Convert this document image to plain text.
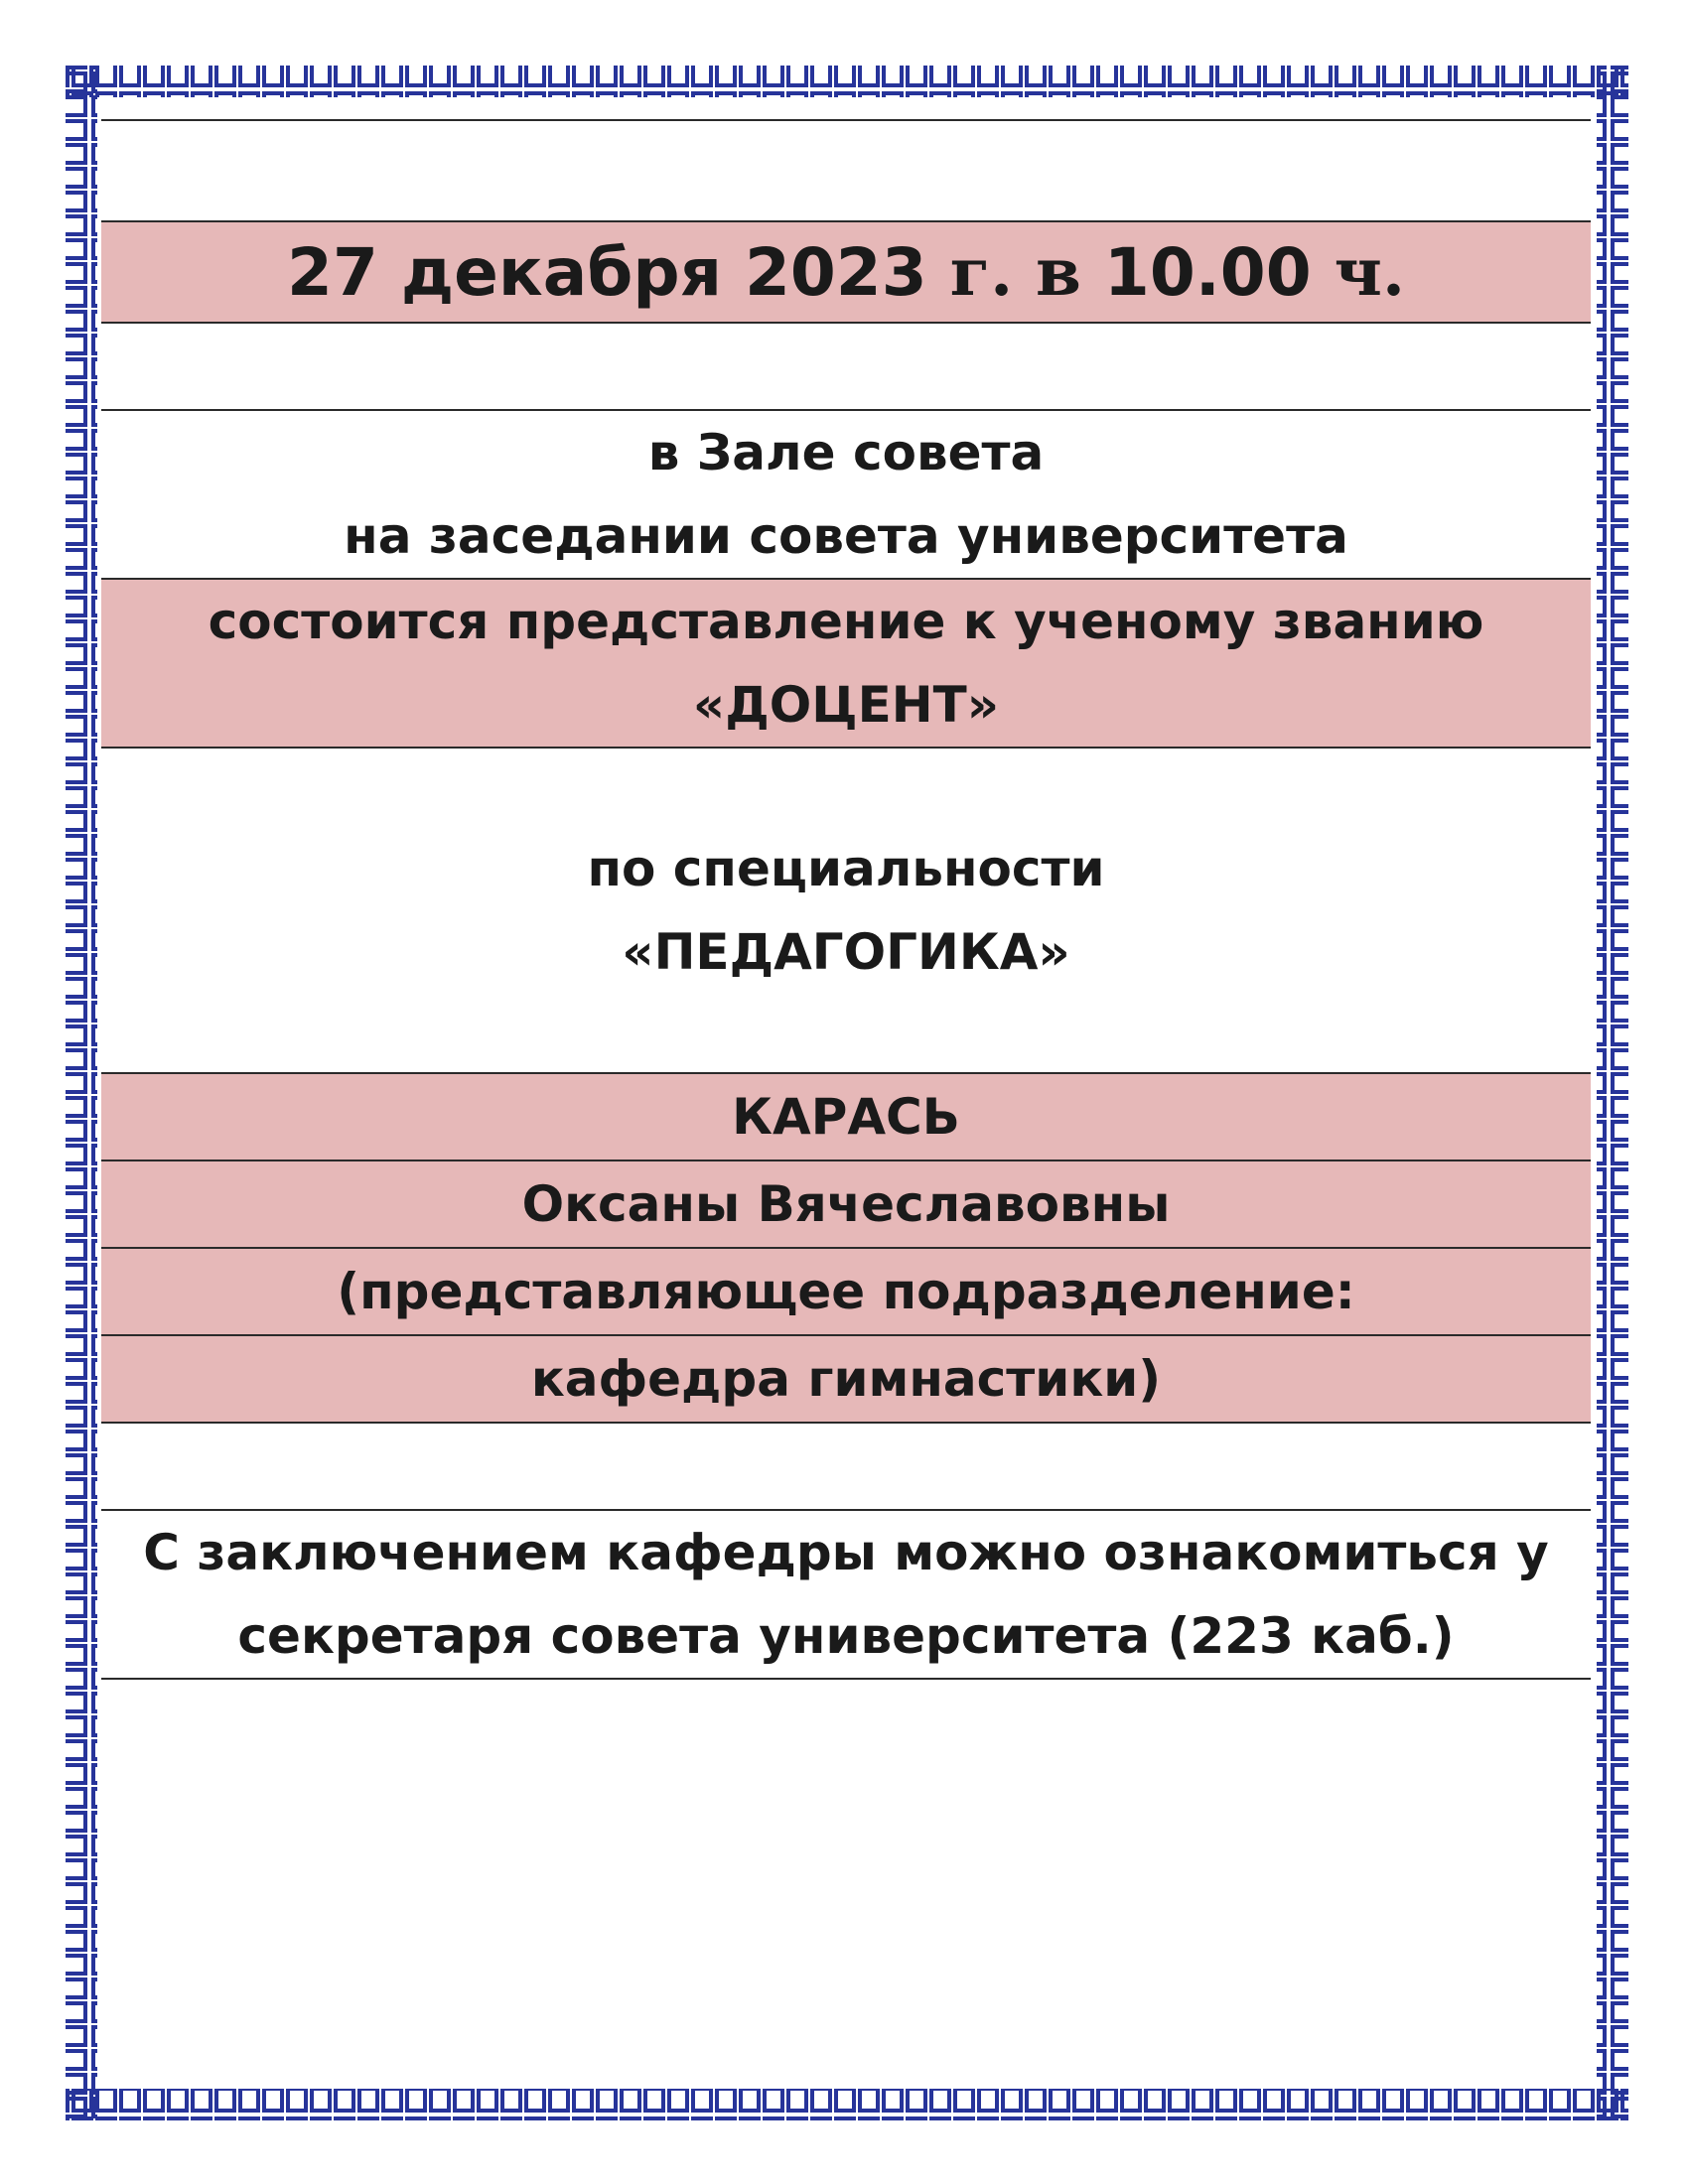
27 декабря 2023 г. в 10.00 ч.
в Зале совета
на заседании совета университета
состоится представление к ученому званию
«ДОЦЕНТ»
по специальности
«ПЕДАГОГИКА»
КАРАСЬ
Оксаны Вячеславовны
(представляющее подразделение:
кафедра гимнастики)
С заключением кафедры можно ознакомиться у
секретаря совета университета (223 каб.)
